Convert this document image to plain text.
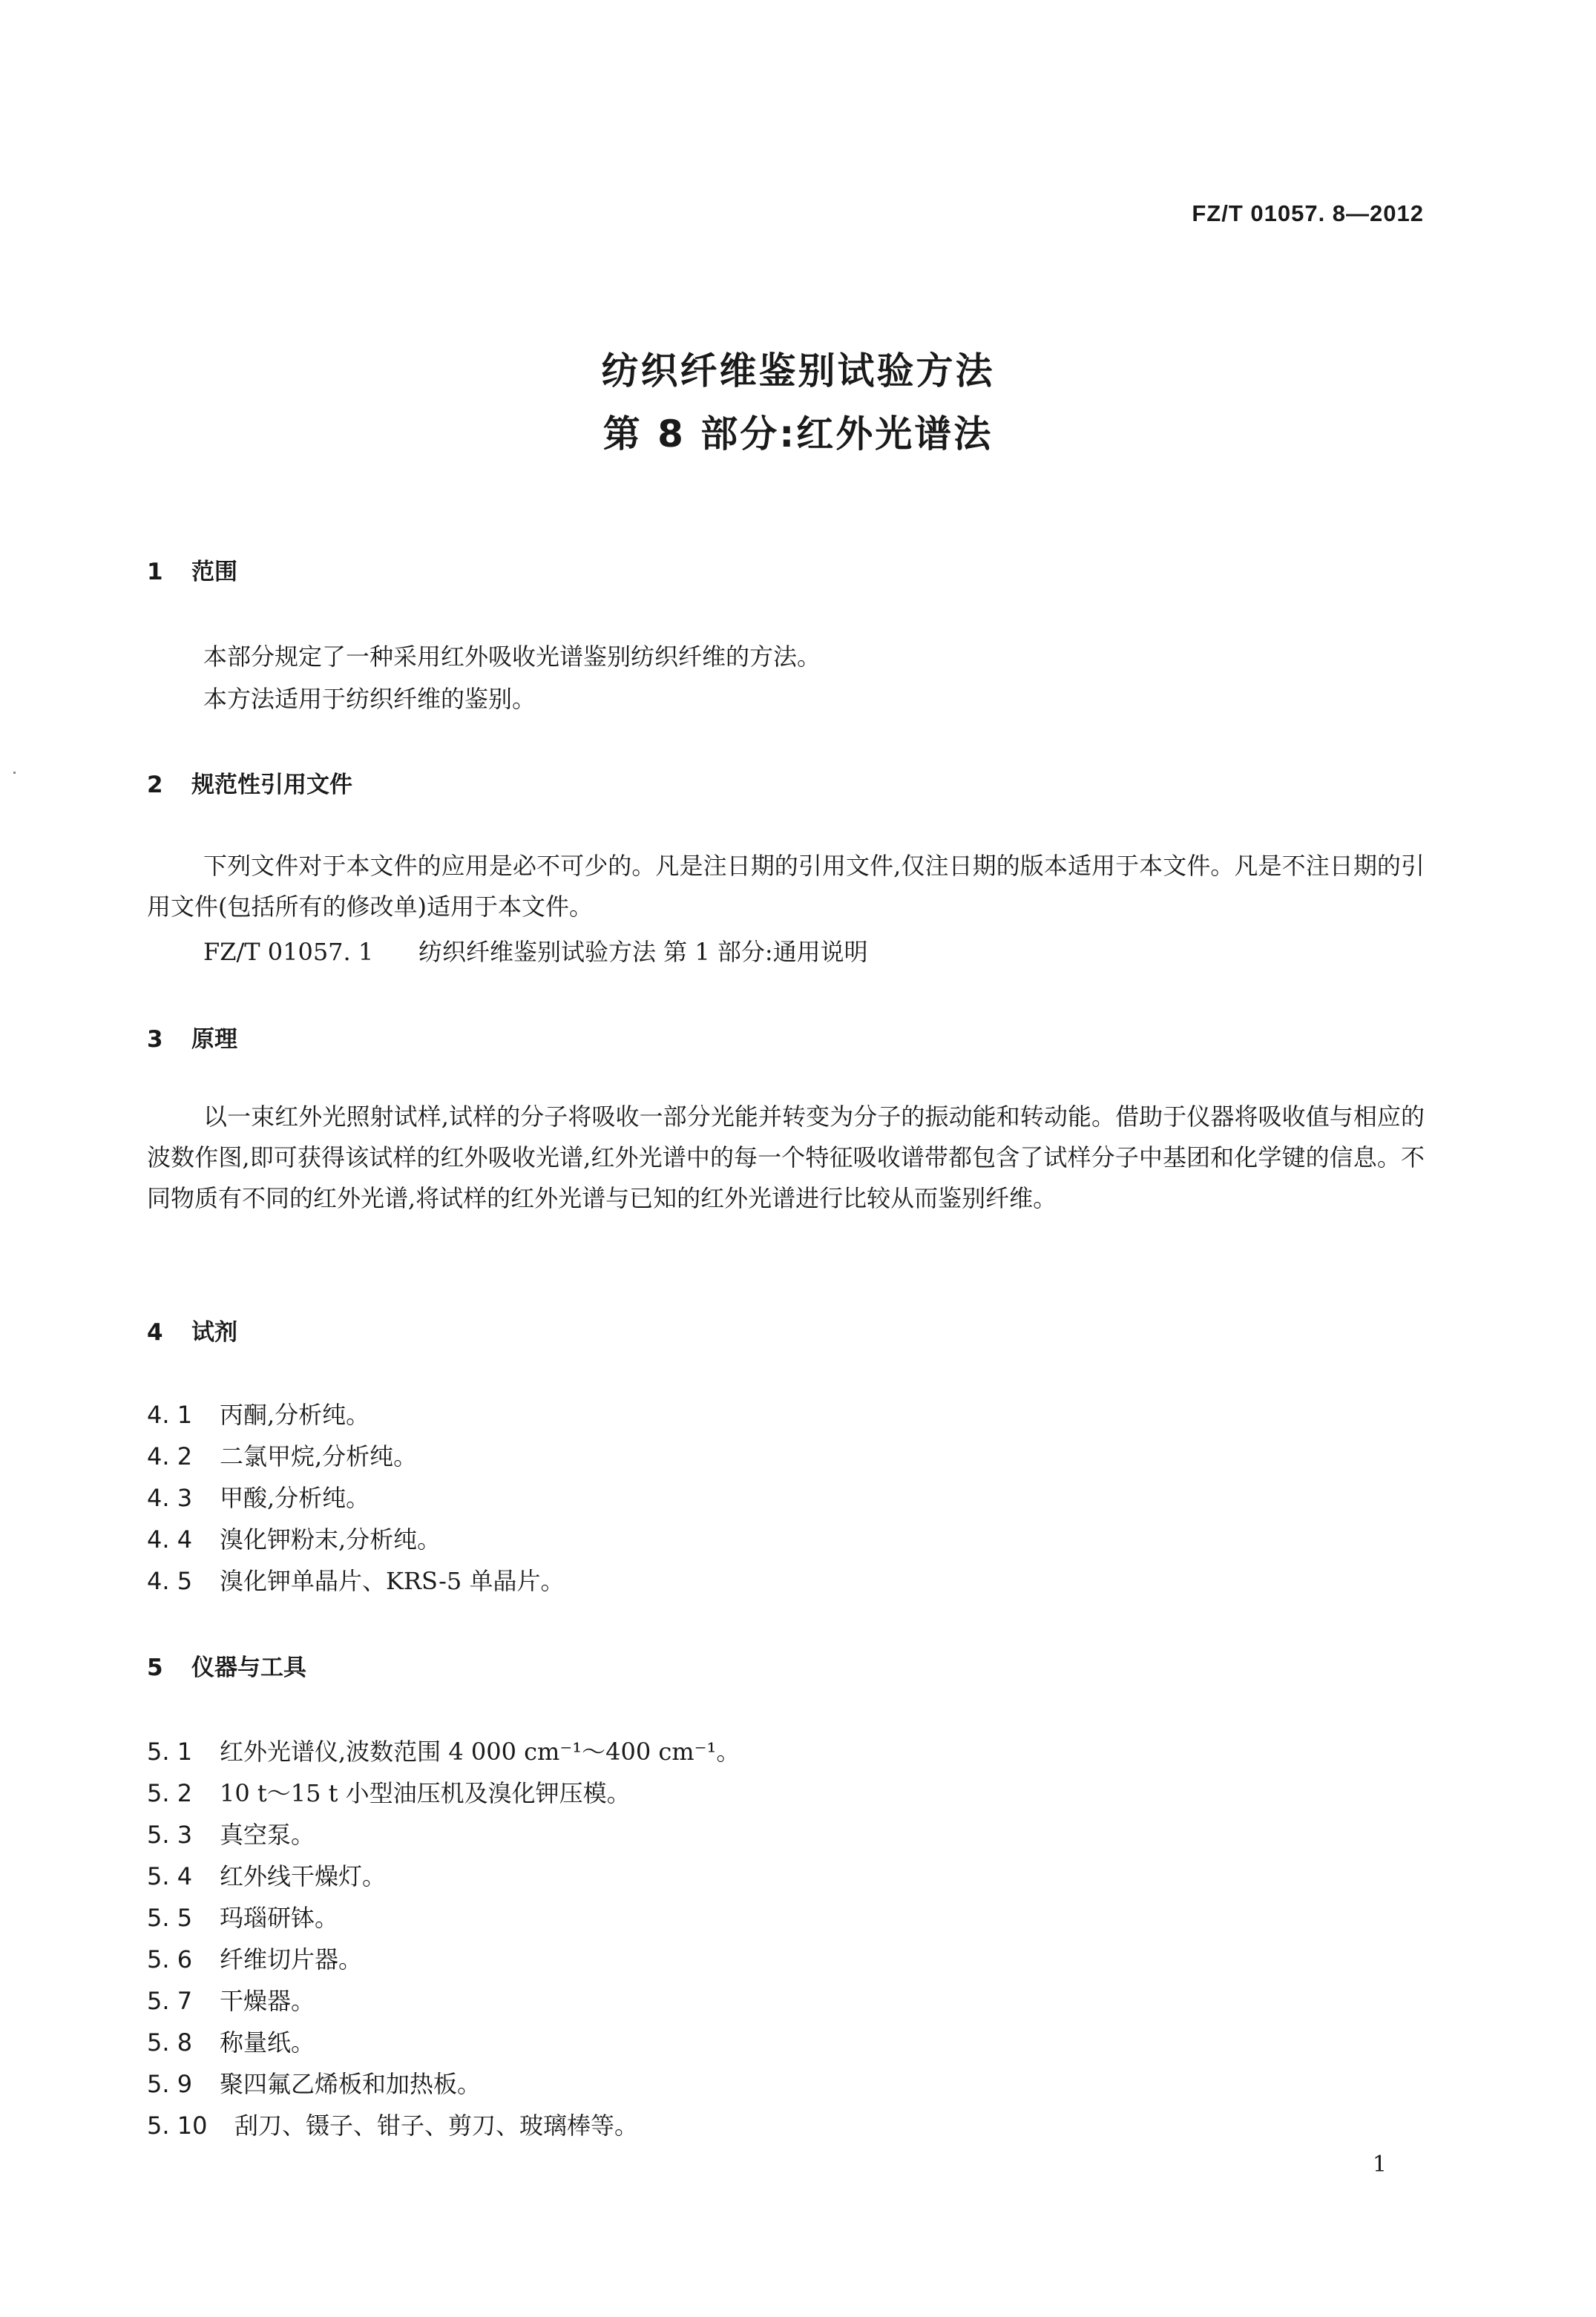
FZ/T 01057. 8—2012
纺织纤维鉴别试验方法
第 8 部分:红外光谱法
1 范围
本部分规定了一种采用红外吸收光谱鉴别纺织纤维的方法。
本方法适用于纺织纤维的鉴别。
2 规范性引用文件
下列文件对于本文件的应用是必不可少的。凡是注日期的引用文件,仅注日期的版本适用于本文件。凡是不注日期的引用文件(包括所有的修改单)适用于本文件。
FZ/T 01057. 1 纺织纤维鉴别试验方法 第 1 部分:通用说明
3 原理
以一束红外光照射试样,试样的分子将吸收一部分光能并转变为分子的振动能和转动能。借助于仪器将吸收值与相应的波数作图,即可获得该试样的红外吸收光谱,红外光谱中的每一个特征吸收谱带都包含了试样分子中基团和化学键的信息。不同物质有不同的红外光谱,将试样的红外光谱与已知的红外光谱进行比较从而鉴别纤维。
4 试剂
4. 1 丙酮,分析纯。
4. 2 二氯甲烷,分析纯。
4. 3 甲酸,分析纯。
4. 4 溴化钾粉末,分析纯。
4. 5 溴化钾单晶片、KRS-5 单晶片。
5 仪器与工具
5. 1 红外光谱仪,波数范围 4 000 cm⁻¹～400 cm⁻¹。
5. 2 10 t～15 t 小型油压机及溴化钾压模。
5. 3 真空泵。
5. 4 红外线干燥灯。
5. 5 玛瑙研钵。
5. 6 纤维切片器。
5. 7 干燥器。
5. 8 称量纸。
5. 9 聚四氟乙烯板和加热板。
5. 10 刮刀、镊子、钳子、剪刀、玻璃棒等。
1
